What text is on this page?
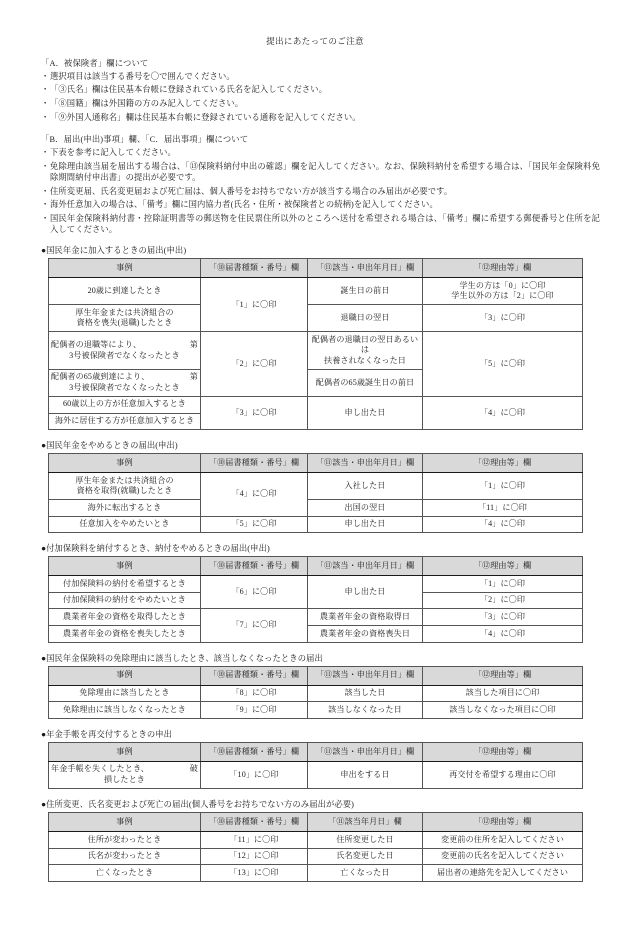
提出にあたってのご注意
「A．被保険者」欄について
・ 選択項目は該当する番号を〇で囲んでください。
・ 「③氏名」欄は住民基本台帳に登録されている氏名を記入してください。
・ 「⑧国籍」欄は外国籍の方のみ記入してください。
・ 「⑨外国人通称名」欄は住民基本台帳に登録されている通称を記入してください。
「B．届出(申出)事項」欄、「C．届出事項」欄について
・ 下表を参考に記入してください。
・ 免除理由該当届を届出する場合は、「⑬保険料納付申出の確認」欄を記入してください。なお、保険料納付を希望する場合は、「国民年金保険料免除期間納付申出書」の提出が必要です。
・ 住所変更届、氏名変更届および死亡届は、個人番号をお持ちでない方が該当する場合のみ届出が必要です。
・ 海外任意加入の場合は、「備考」欄に国内協力者(氏名・住所・被保険者との続柄)を記入してください。
・ 国民年金保険料納付書・控除証明書等の郵送物を住民票住所以外のところへ送付を希望される場合は、「備考」欄に希望する郵便番号と住所を記入してください。
●国民年金に加入するときの届出(申出)
事例	「⑩届書種類・番号」欄	「⑪該当・申出年月日」欄	「⑫理由等」欄

20歳に到達したとき	「1」に〇印	誕生日の前日	学生の方は「0」に〇印
学生以外の方は「2」に〇印

厚生年金または共済組合の
資格を喪失(退職)したとき		退職日の翌日	「3」に〇印

配偶者の退職等により、 第
3号被保険者でなくなったとき	「2」に〇印	配偶者の退職日の翌日あるいは
扶養されなくなった日	「5」に〇印

配偶者の65歳到達により、 第
3号被保険者でなくなったとき		配偶者の65歳誕生日の前日	

60歳以上の方が任意加入するとき	「3」に〇印	申し出た日	「4」に〇印

海外に居住する方が任意加入するとき			
●国民年金をやめるときの届出(申出)
事例	「⑩届書種類・番号」欄	「⑪該当・申出年月日」欄	「⑫理由等」欄

厚生年金または共済組合の
資格を取得(就職)したとき	「4」に〇印	入社した日	「1」に〇印

海外に転出するとき		出国の翌日	「11」に〇印

任意加入をやめたいとき	「5」に〇印	申し出た日	「4」に〇印
●付加保険料を納付するとき、納付をやめるときの届出(申出)
事例	「⑩届書種類・番号」欄	「⑪該当・申出年月日」欄	「⑫理由等」欄

付加保険料の納付を希望するとき	「6」に〇印	申し出た日	「1」に〇印

付加保険料の納付をやめたいとき			「2」に〇印

農業者年金の資格を取得したとき	「7」に〇印	農業者年金の資格取得日	「3」に〇印

農業者年金の資格を喪失したとき		農業者年金の資格喪失日	「4」に〇印
●国民年金保険料の免除理由に該当したとき、該当しなくなったときの届出
事例	「⑩届書種類・番号」欄	「⑪該当・申出年月日」欄	「⑫理由等」欄

免除理由に該当したとき	「8」に〇印	該当した日	該当した項目に〇印

免除理由に該当しなくなったとき	「9」に〇印	該当しなくなった日	該当しなくなった項目に〇印
●年金手帳を再交付するときの申出
事例	「⑩届書種類・番号」欄	「⑪該当・申出年月日」欄	「⑫理由等」欄

年金手帳を失くしたとき、 破
損したとき	「10」に〇印	申出をする日	再交付を希望する理由に〇印
●住所変更、氏名変更および死亡の届出(個人番号をお持ちでない方のみ届出が必要)
事例	「⑩届書種類・番号」欄	「⑪該当年月日」欄	「⑫理由等」欄

住所が変わったとき	「11」に〇印	住所変更した日	変更前の住所を記入してください

氏名が変わったとき	「12」に〇印	氏名変更した日	変更前の氏名を記入してください

亡くなったとき	「13」に〇印	亡くなった日	届出者の連絡先を記入してください
